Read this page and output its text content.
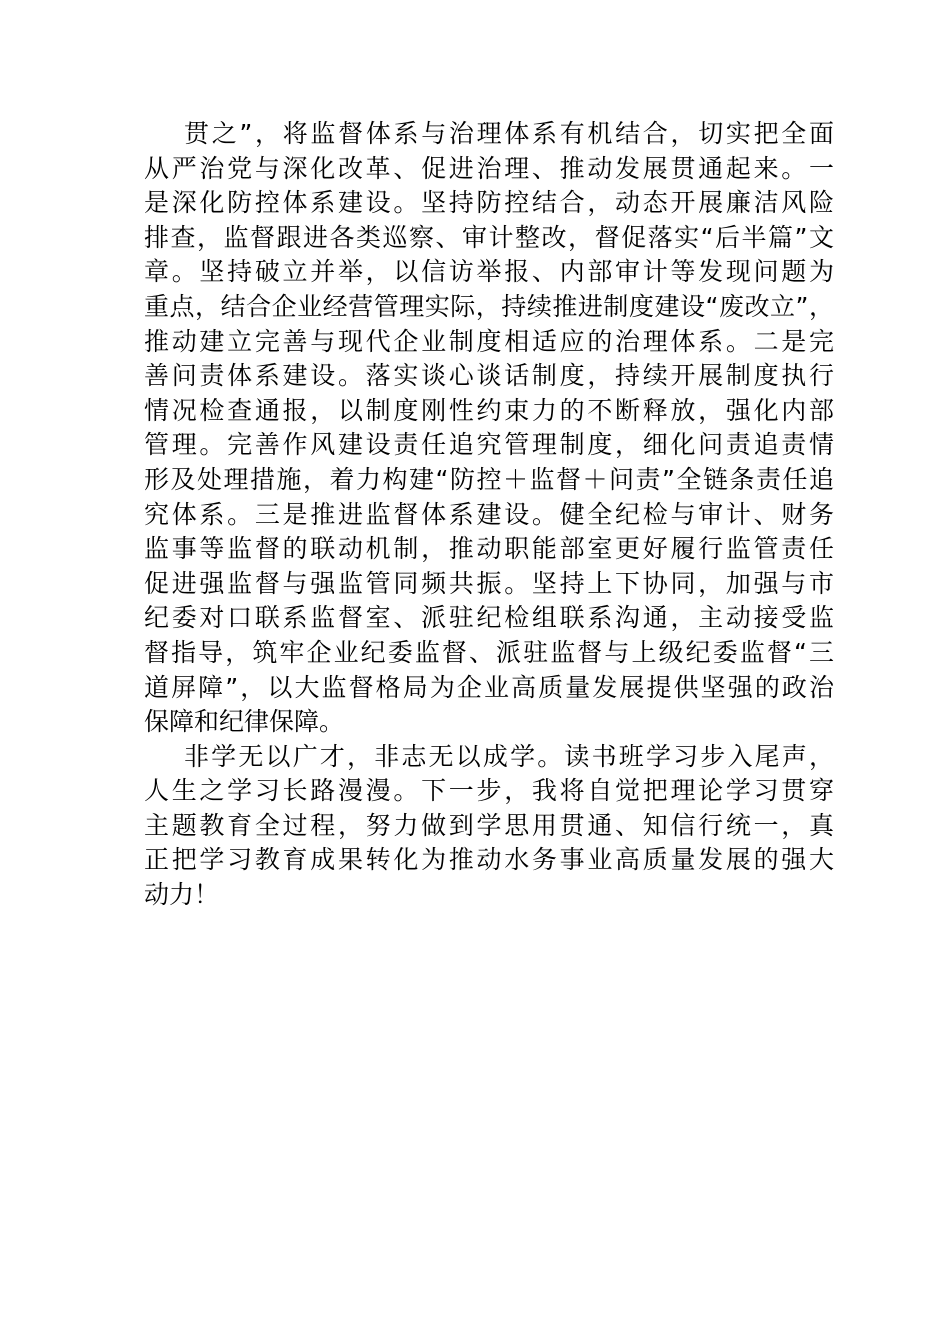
贯之”，将监督体系与治理体系有机结合，切实把全面
从严治党与深化改革、促进治理、推动发展贯通起来。一
是深化防控体系建设。坚持防控结合，动态开展廉洁风险
排查，监督跟进各类巡察、审计整改，督促落实“后半篇”文
章。坚持破立并举，以信访举报、内部审计等发现问题为
重点，结合企业经营管理实际，持续推进制度建设“废改立”，
推动建立完善与现代企业制度相适应的治理体系。二是完
善问责体系建设。落实谈心谈话制度，持续开展制度执行
情况检查通报，以制度刚性约束力的不断释放，强化内部
管理。完善作风建设责任追究管理制度，细化问责追责情
形及处理措施，着力构建“防控＋监督＋问责”全链条责任追
究体系。三是推进监督体系建设。健全纪检与审计、财务
监事等监督的联动机制，推动职能部室更好履行监管责任
促进强监督与强监管同频共振。坚持上下协同，加强与市
纪委对口联系监督室、派驻纪检组联系沟通，主动接受监
督指导，筑牢企业纪委监督、派驻监督与上级纪委监督“三
道屏障”，以大监督格局为企业高质量发展提供坚强的政治
保障和纪律保障。
非学无以广才，非志无以成学。读书班学习步入尾声，
人生之学习长路漫漫。下一步，我将自觉把理论学习贯穿
主题教育全过程，努力做到学思用贯通、知信行统一，真
正把学习教育成果转化为推动水务事业高质量发展的强大
动力！
